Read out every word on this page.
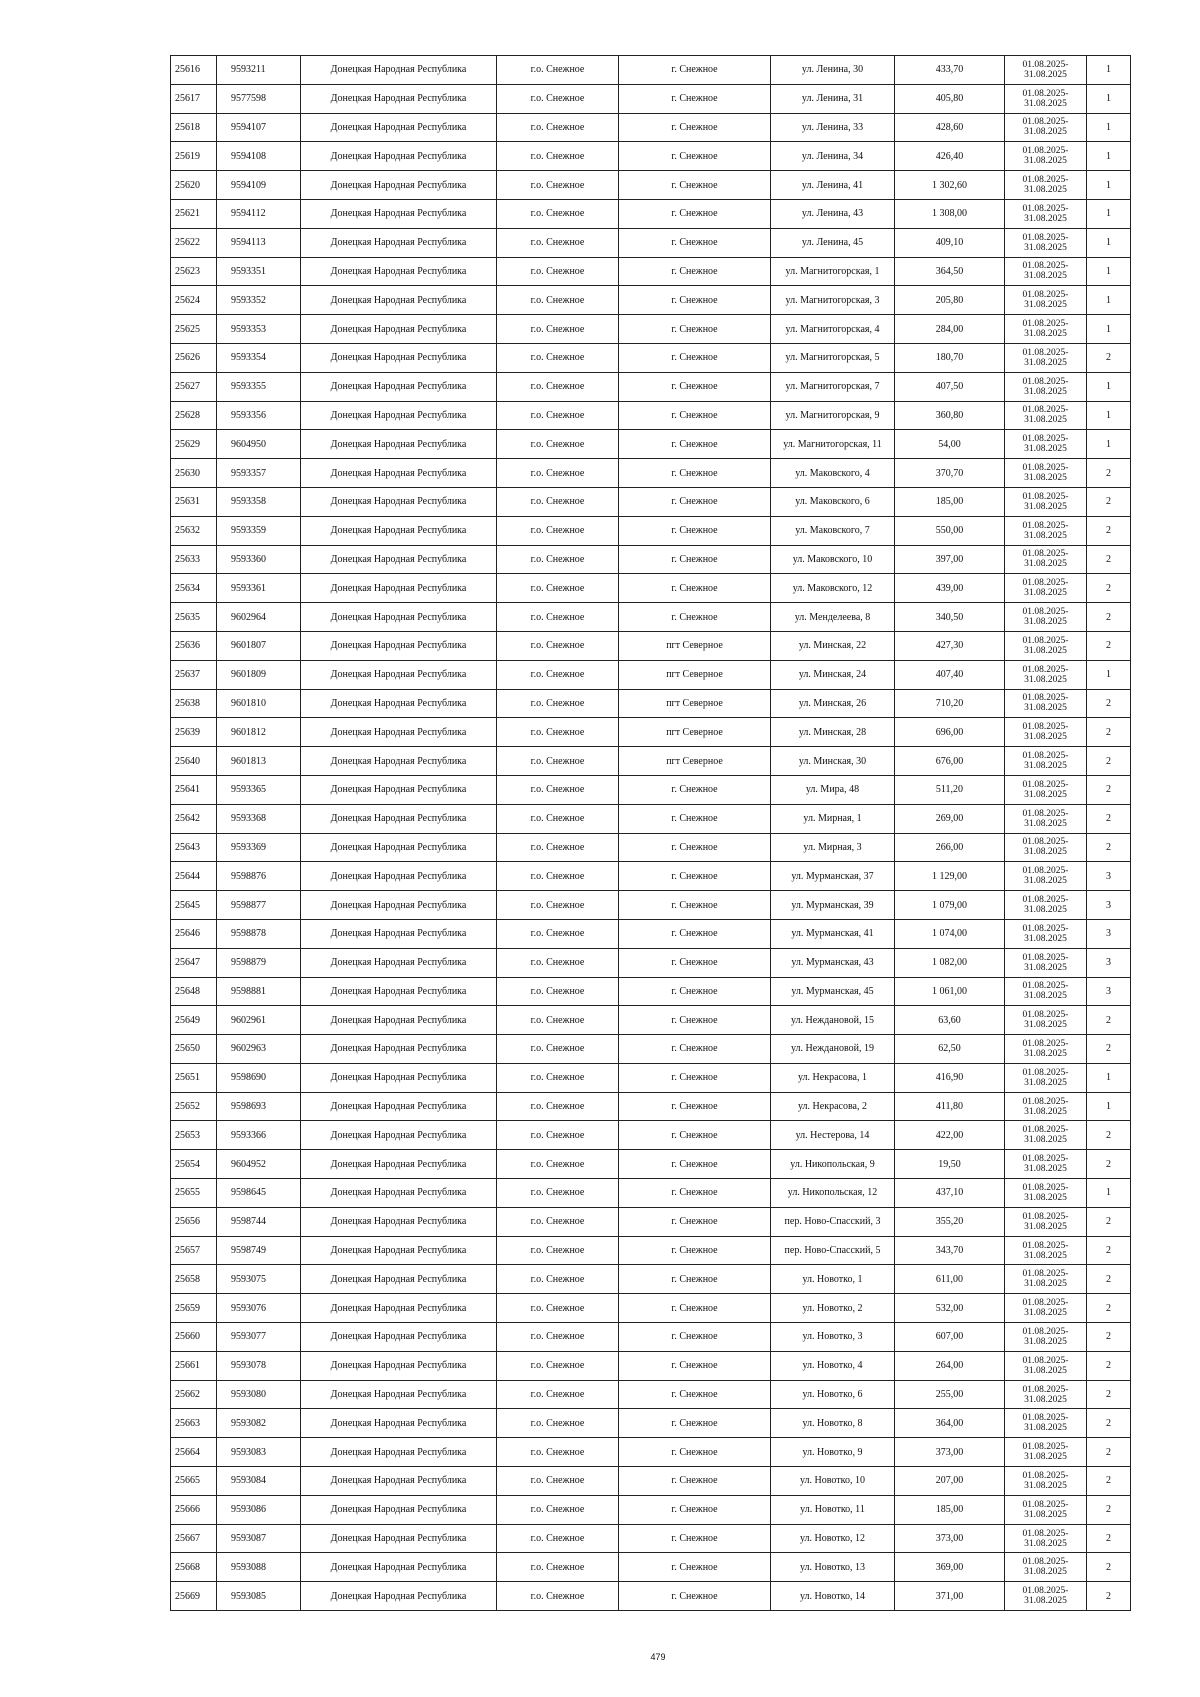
25616	9593211	Донецкая Народная Республика	г.о. Снежное	г. Снежное	ул. Ленина, 30	433,70	01.08.2025-
31.08.2025	1
25617	9577598	Донецкая Народная Республика	г.о. Снежное	г. Снежное	ул. Ленина, 31	405,80	01.08.2025-
31.08.2025	1
25618	9594107	Донецкая Народная Республика	г.о. Снежное	г. Снежное	ул. Ленина, 33	428,60	01.08.2025-
31.08.2025	1
25619	9594108	Донецкая Народная Республика	г.о. Снежное	г. Снежное	ул. Ленина, 34	426,40	01.08.2025-
31.08.2025	1
25620	9594109	Донецкая Народная Республика	г.о. Снежное	г. Снежное	ул. Ленина, 41	1 302,60	01.08.2025-
31.08.2025	1
25621	9594112	Донецкая Народная Республика	г.о. Снежное	г. Снежное	ул. Ленина, 43	1 308,00	01.08.2025-
31.08.2025	1
25622	9594113	Донецкая Народная Республика	г.о. Снежное	г. Снежное	ул. Ленина, 45	409,10	01.08.2025-
31.08.2025	1
25623	9593351	Донецкая Народная Республика	г.о. Снежное	г. Снежное	ул. Магнитогорская, 1	364,50	01.08.2025-
31.08.2025	1
25624	9593352	Донецкая Народная Республика	г.о. Снежное	г. Снежное	ул. Магнитогорская, 3	205,80	01.08.2025-
31.08.2025	1
25625	9593353	Донецкая Народная Республика	г.о. Снежное	г. Снежное	ул. Магнитогорская, 4	284,00	01.08.2025-
31.08.2025	1
25626	9593354	Донецкая Народная Республика	г.о. Снежное	г. Снежное	ул. Магнитогорская, 5	180,70	01.08.2025-
31.08.2025	2
25627	9593355	Донецкая Народная Республика	г.о. Снежное	г. Снежное	ул. Магнитогорская, 7	407,50	01.08.2025-
31.08.2025	1
25628	9593356	Донецкая Народная Республика	г.о. Снежное	г. Снежное	ул. Магнитогорская, 9	360,80	01.08.2025-
31.08.2025	1
25629	9604950	Донецкая Народная Республика	г.о. Снежное	г. Снежное	ул. Магнитогорская, 11	54,00	01.08.2025-
31.08.2025	1
25630	9593357	Донецкая Народная Республика	г.о. Снежное	г. Снежное	ул. Маковского, 4	370,70	01.08.2025-
31.08.2025	2
25631	9593358	Донецкая Народная Республика	г.о. Снежное	г. Снежное	ул. Маковского, 6	185,00	01.08.2025-
31.08.2025	2
25632	9593359	Донецкая Народная Республика	г.о. Снежное	г. Снежное	ул. Маковского, 7	550,00	01.08.2025-
31.08.2025	2
25633	9593360	Донецкая Народная Республика	г.о. Снежное	г. Снежное	ул. Маковского, 10	397,00	01.08.2025-
31.08.2025	2
25634	9593361	Донецкая Народная Республика	г.о. Снежное	г. Снежное	ул. Маковского, 12	439,00	01.08.2025-
31.08.2025	2
25635	9602964	Донецкая Народная Республика	г.о. Снежное	г. Снежное	ул. Менделеева, 8	340,50	01.08.2025-
31.08.2025	2
25636	9601807	Донецкая Народная Республика	г.о. Снежное	пгт Северное	ул. Минская, 22	427,30	01.08.2025-
31.08.2025	2
25637	9601809	Донецкая Народная Республика	г.о. Снежное	пгт Северное	ул. Минская, 24	407,40	01.08.2025-
31.08.2025	1
25638	9601810	Донецкая Народная Республика	г.о. Снежное	пгт Северное	ул. Минская, 26	710,20	01.08.2025-
31.08.2025	2
25639	9601812	Донецкая Народная Республика	г.о. Снежное	пгт Северное	ул. Минская, 28	696,00	01.08.2025-
31.08.2025	2
25640	9601813	Донецкая Народная Республика	г.о. Снежное	пгт Северное	ул. Минская, 30	676,00	01.08.2025-
31.08.2025	2
25641	9593365	Донецкая Народная Республика	г.о. Снежное	г. Снежное	ул. Мира, 48	511,20	01.08.2025-
31.08.2025	2
25642	9593368	Донецкая Народная Республика	г.о. Снежное	г. Снежное	ул. Мирная, 1	269,00	01.08.2025-
31.08.2025	2
25643	9593369	Донецкая Народная Республика	г.о. Снежное	г. Снежное	ул. Мирная, 3	266,00	01.08.2025-
31.08.2025	2
25644	9598876	Донецкая Народная Республика	г.о. Снежное	г. Снежное	ул. Мурманская, 37	1 129,00	01.08.2025-
31.08.2025	3
25645	9598877	Донецкая Народная Республика	г.о. Снежное	г. Снежное	ул. Мурманская, 39	1 079,00	01.08.2025-
31.08.2025	3
25646	9598878	Донецкая Народная Республика	г.о. Снежное	г. Снежное	ул. Мурманская, 41	1 074,00	01.08.2025-
31.08.2025	3
25647	9598879	Донецкая Народная Республика	г.о. Снежное	г. Снежное	ул. Мурманская, 43	1 082,00	01.08.2025-
31.08.2025	3
25648	9598881	Донецкая Народная Республика	г.о. Снежное	г. Снежное	ул. Мурманская, 45	1 061,00	01.08.2025-
31.08.2025	3
25649	9602961	Донецкая Народная Республика	г.о. Снежное	г. Снежное	ул. Неждановой, 15	63,60	01.08.2025-
31.08.2025	2
25650	9602963	Донецкая Народная Республика	г.о. Снежное	г. Снежное	ул. Неждановой, 19	62,50	01.08.2025-
31.08.2025	2
25651	9598690	Донецкая Народная Республика	г.о. Снежное	г. Снежное	ул. Некрасова, 1	416,90	01.08.2025-
31.08.2025	1
25652	9598693	Донецкая Народная Республика	г.о. Снежное	г. Снежное	ул. Некрасова, 2	411,80	01.08.2025-
31.08.2025	1
25653	9593366	Донецкая Народная Республика	г.о. Снежное	г. Снежное	ул. Нестерова, 14	422,00	01.08.2025-
31.08.2025	2
25654	9604952	Донецкая Народная Республика	г.о. Снежное	г. Снежное	ул. Никопольская, 9	19,50	01.08.2025-
31.08.2025	2
25655	9598645	Донецкая Народная Республика	г.о. Снежное	г. Снежное	ул. Никопольская, 12	437,10	01.08.2025-
31.08.2025	1
25656	9598744	Донецкая Народная Республика	г.о. Снежное	г. Снежное	пер. Ново-Спасский, 3	355,20	01.08.2025-
31.08.2025	2
25657	9598749	Донецкая Народная Республика	г.о. Снежное	г. Снежное	пер. Ново-Спасский, 5	343,70	01.08.2025-
31.08.2025	2
25658	9593075	Донецкая Народная Республика	г.о. Снежное	г. Снежное	ул. Новотко, 1	611,00	01.08.2025-
31.08.2025	2
25659	9593076	Донецкая Народная Республика	г.о. Снежное	г. Снежное	ул. Новотко, 2	532,00	01.08.2025-
31.08.2025	2
25660	9593077	Донецкая Народная Республика	г.о. Снежное	г. Снежное	ул. Новотко, 3	607,00	01.08.2025-
31.08.2025	2
25661	9593078	Донецкая Народная Республика	г.о. Снежное	г. Снежное	ул. Новотко, 4	264,00	01.08.2025-
31.08.2025	2
25662	9593080	Донецкая Народная Республика	г.о. Снежное	г. Снежное	ул. Новотко, 6	255,00	01.08.2025-
31.08.2025	2
25663	9593082	Донецкая Народная Республика	г.о. Снежное	г. Снежное	ул. Новотко, 8	364,00	01.08.2025-
31.08.2025	2
25664	9593083	Донецкая Народная Республика	г.о. Снежное	г. Снежное	ул. Новотко, 9	373,00	01.08.2025-
31.08.2025	2
25665	9593084	Донецкая Народная Республика	г.о. Снежное	г. Снежное	ул. Новотко, 10	207,00	01.08.2025-
31.08.2025	2
25666	9593086	Донецкая Народная Республика	г.о. Снежное	г. Снежное	ул. Новотко, 11	185,00	01.08.2025-
31.08.2025	2
25667	9593087	Донецкая Народная Республика	г.о. Снежное	г. Снежное	ул. Новотко, 12	373,00	01.08.2025-
31.08.2025	2
25668	9593088	Донецкая Народная Республика	г.о. Снежное	г. Снежное	ул. Новотко, 13	369,00	01.08.2025-
31.08.2025	2
25669	9593085	Донецкая Народная Республика	г.о. Снежное	г. Снежное	ул. Новотко, 14	371,00	01.08.2025-
31.08.2025	2
479
